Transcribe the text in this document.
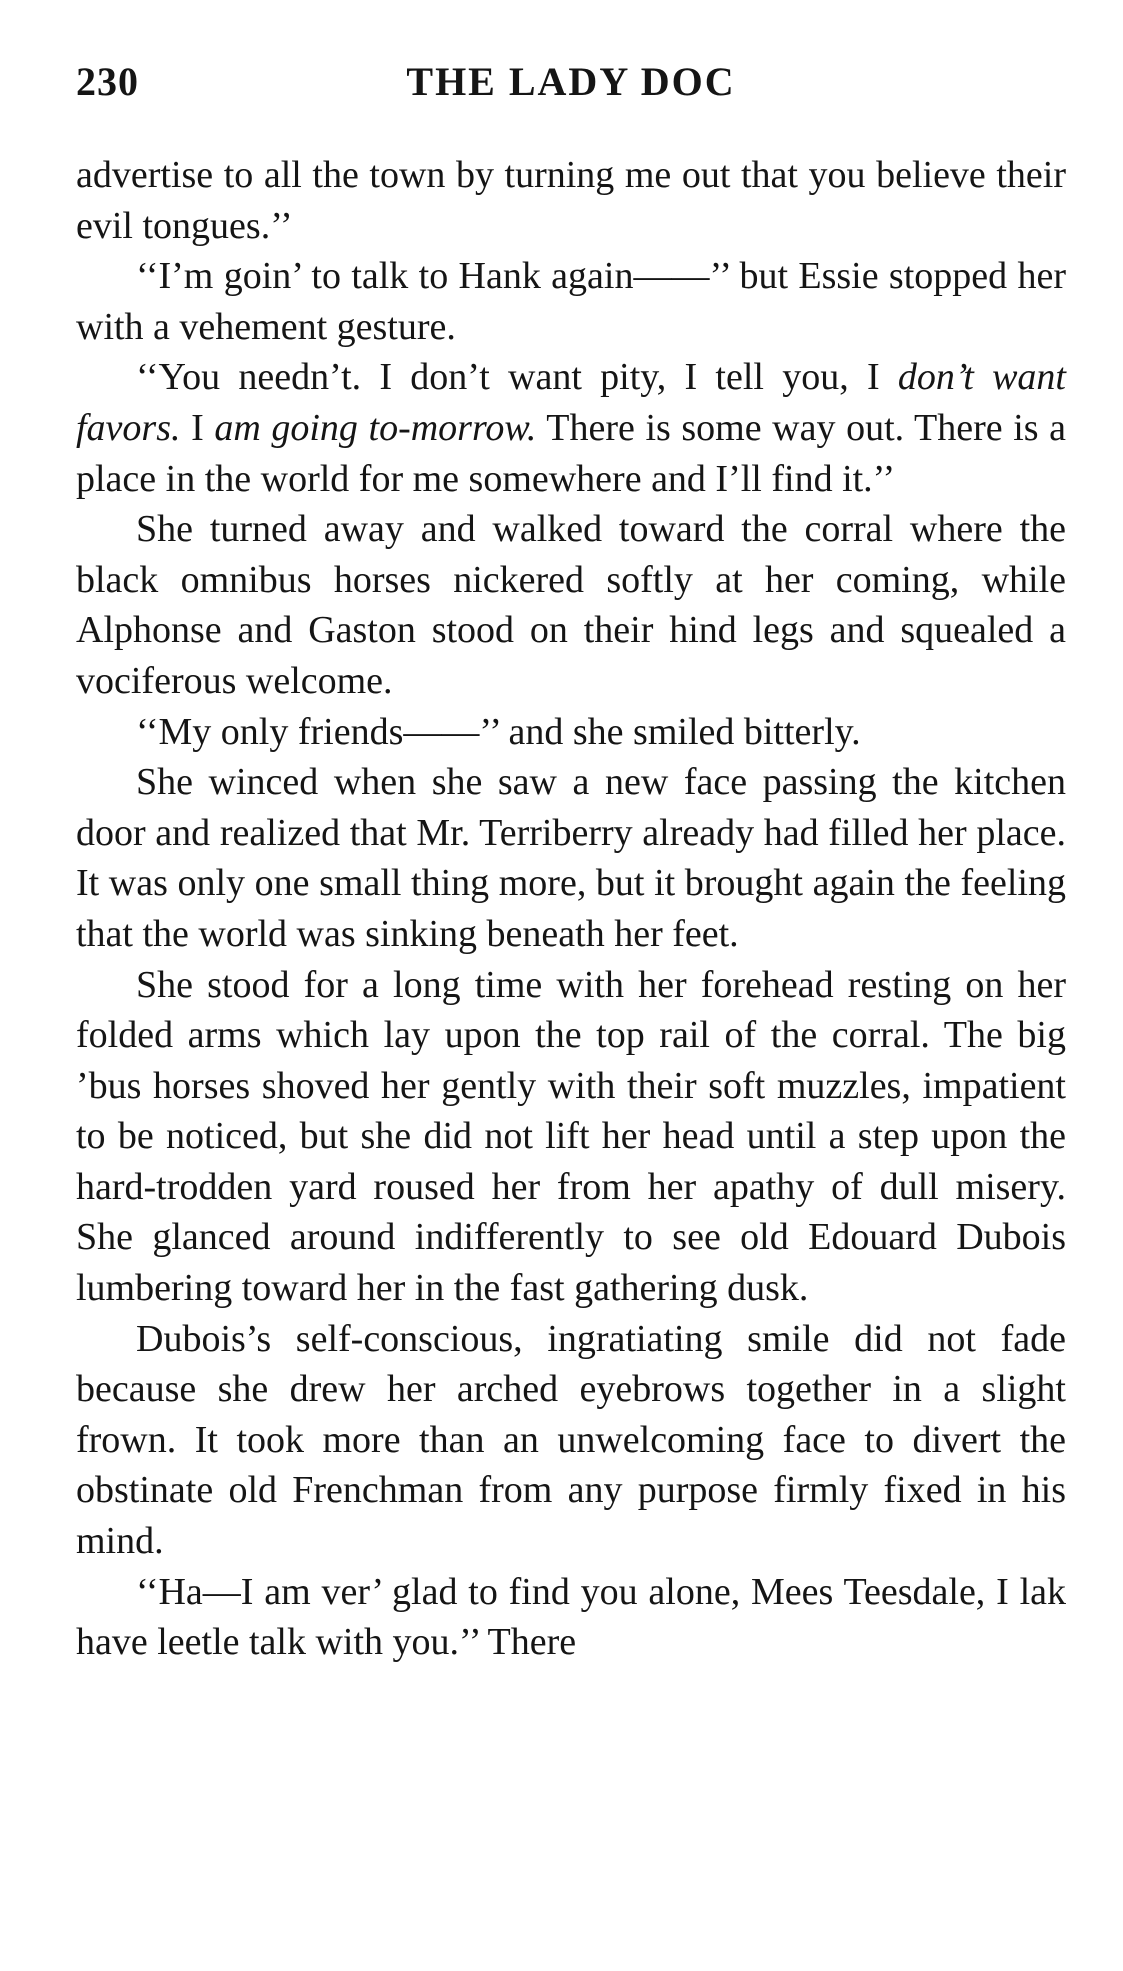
230	THE LADY DOC

advertise to all the town by turning me out that you believe their evil tongues.’’

‘‘I’m goin’ to talk to Hank again——’’ but Essie stopped her with a vehement gesture.

‘‘You needn’t. I don’t want pity, I tell you, I don’t want favors. I am going to-morrow. There is some way out. There is a place in the world for me somewhere and I’ll find it.’’

She turned away and walked toward the corral where the black omnibus horses nickered softly at her coming, while Alphonse and Gaston stood on their hind legs and squealed a vociferous welcome.

‘‘My only friends——’’ and she smiled bitterly.

She winced when she saw a new face passing the kitchen door and realized that Mr. Terriberry already had filled her place. It was only one small thing more, but it brought again the feeling that the world was sinking beneath her feet.

She stood for a long time with her forehead resting on her folded arms which lay upon the top rail of the corral. The big ’bus horses shoved her gently with their soft muzzles, impatient to be noticed, but she did not lift her head until a step upon the hard-trodden yard roused her from her apathy of dull misery. She glanced around indifferently to see old Edouard Dubois lumbering toward her in the fast gathering dusk.

Dubois’s self-conscious, ingratiating smile did not fade because she drew her arched eyebrows together in a slight frown. It took more than an unwelcoming face to divert the obstinate old Frenchman from any purpose firmly fixed in his mind.

‘‘Ha—I am ver’ glad to find you alone, Mees Teesdale, I lak have leetle talk with you.’’ There
